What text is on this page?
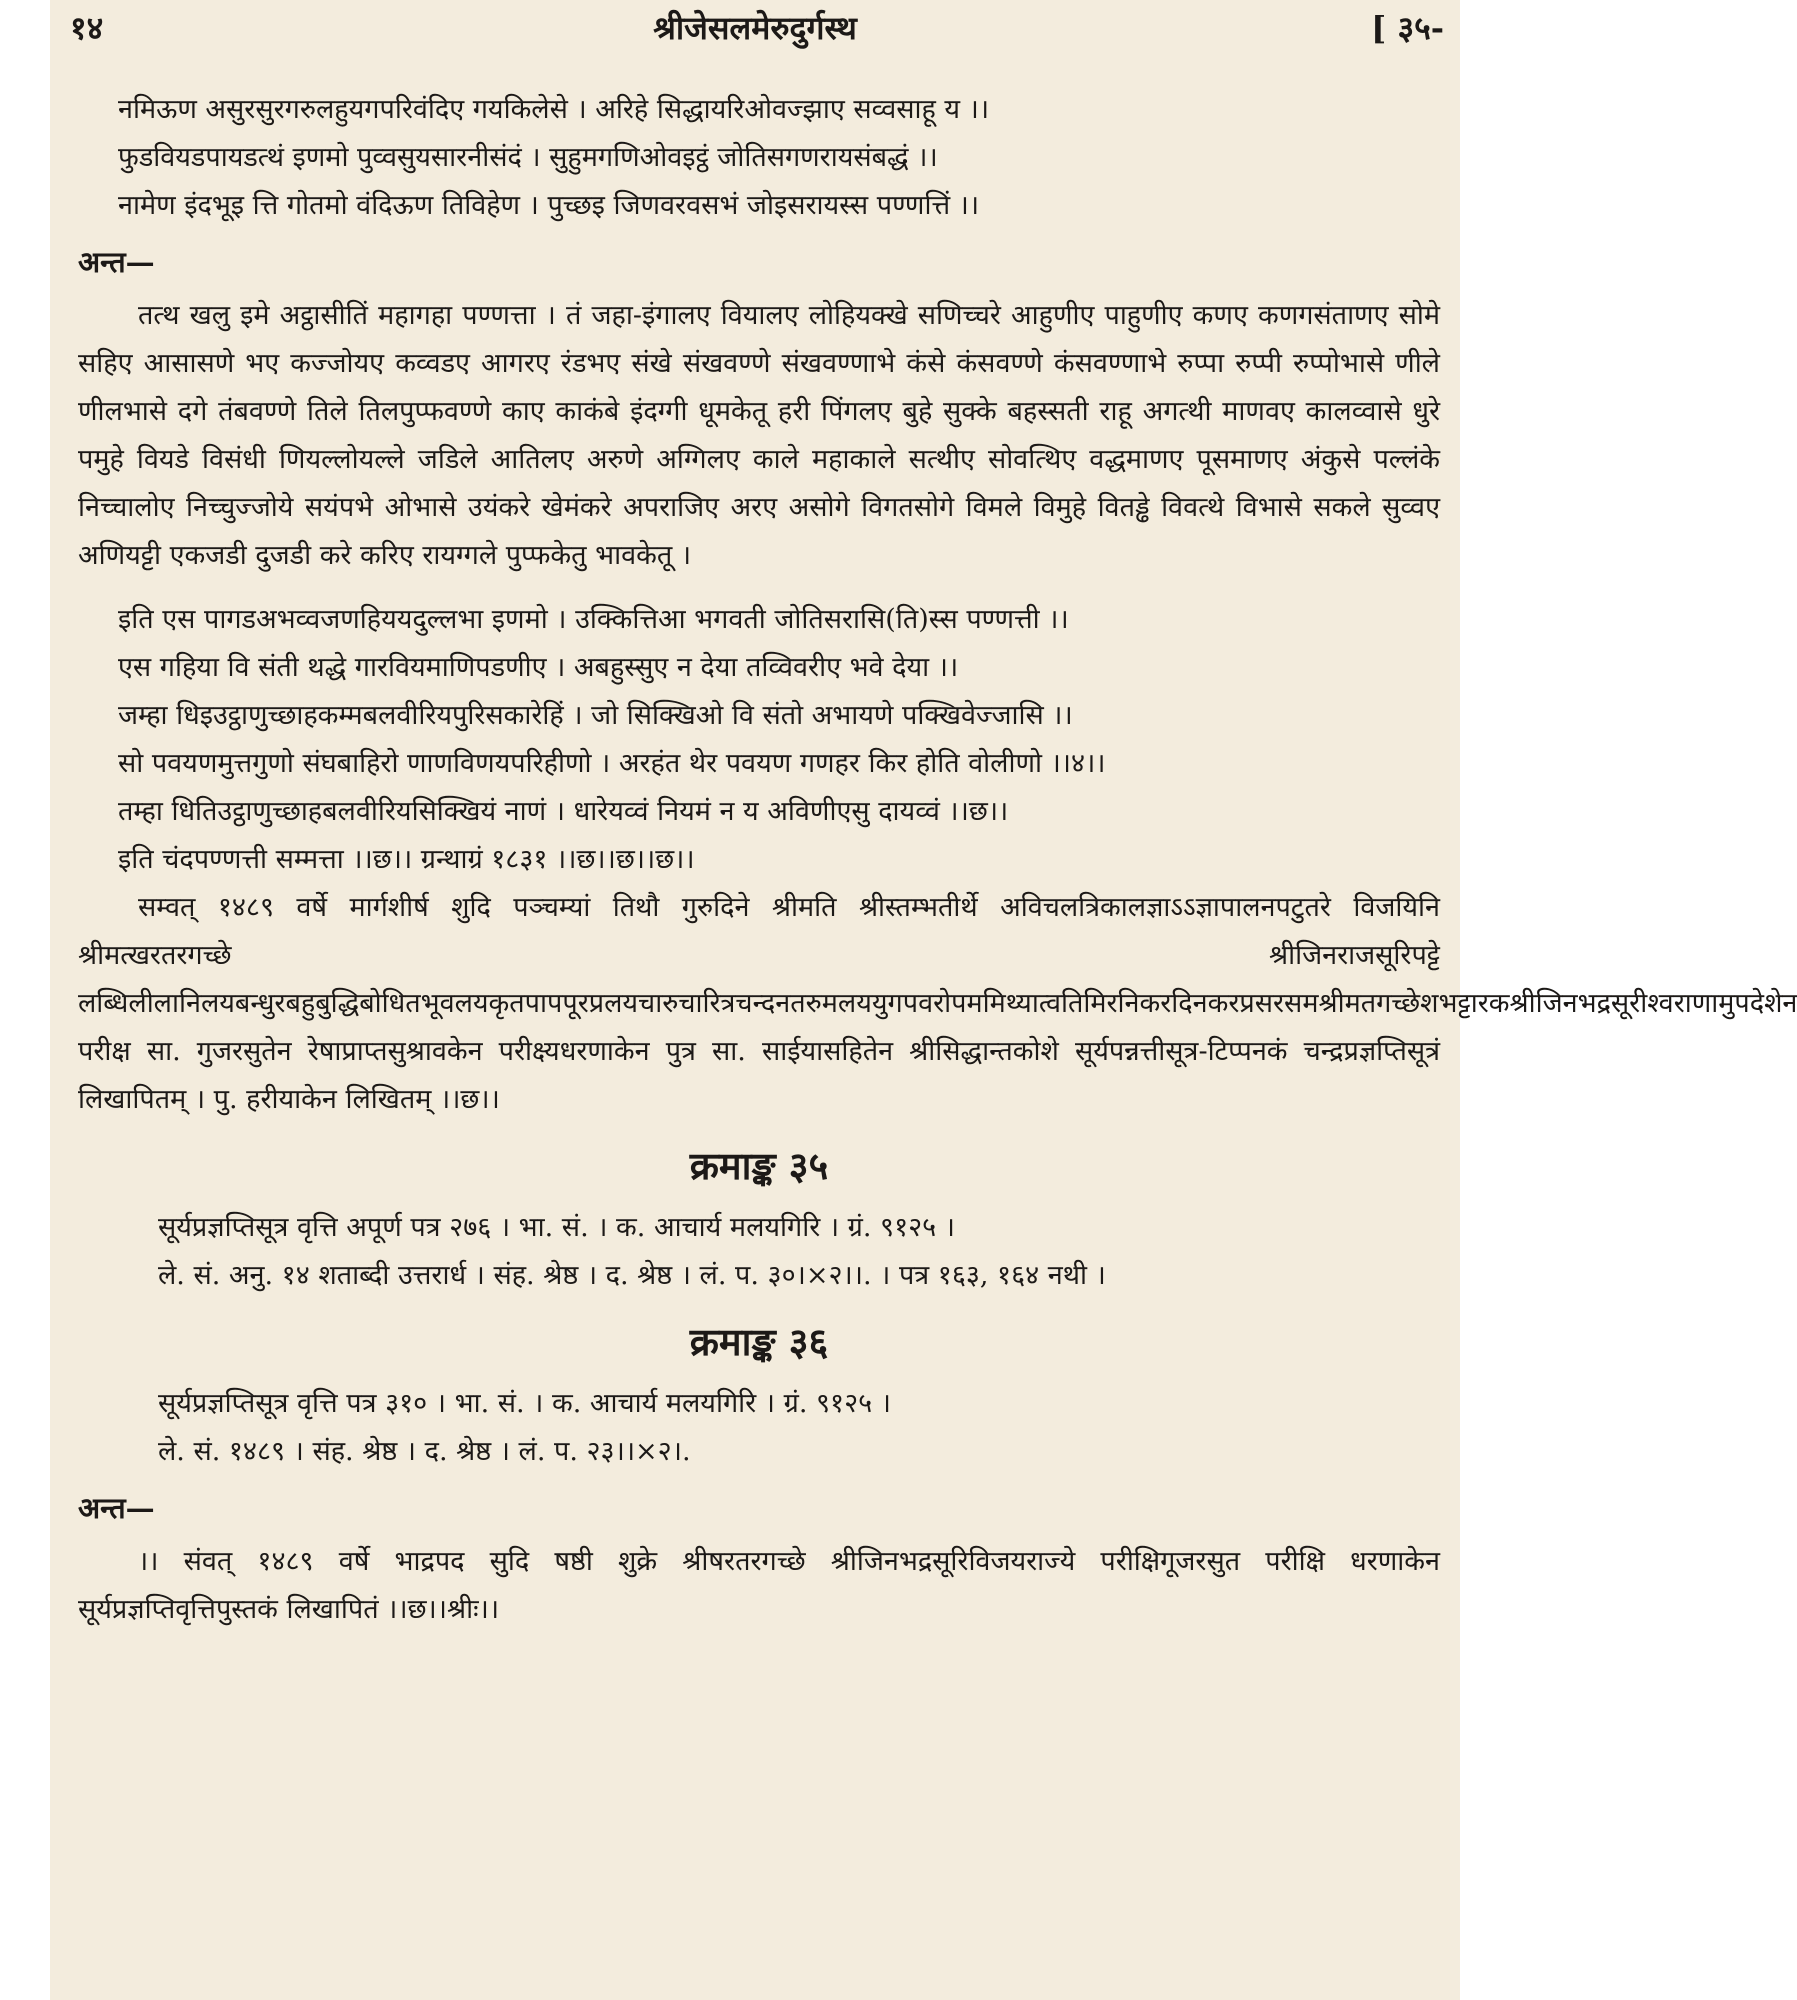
१४	श्रीजेसलमेरुदुर्गस्थ	[ ३५-

नमिऊण असुरसुरगरुलहुयगपरिवंदिए गयकिलेसे । अरिहे सिद्धायरिओवज्झाए सव्वसाहू य ।।

फुडवियडपायडत्थं इणमो पुव्वसुयसारनीसंदं । सुहुमगणिओवइट्ठं जोतिसगणरायसंबद्धं ।।

नामेण इंदभूइ त्ति गोतमो वंदिऊण तिविहेण । पुच्छइ जिणवरवसभं जोइसरायस्स पण्णत्तिं ।।

अन्त—

तत्थ खलु इमे अट्ठासीतिं महागहा पण्णत्ता । तं जहा-इंगालए वियालए लोहियक्खे सणिच्चरे आहुणीए पाहुणीए कणए कणगसंताणए सोमे सहिए आसासणे भए कज्जोयए कव्वडए आगरए रंडभए संखे संखवण्णे संखवण्णाभे कंसे कंसवण्णे कंसवण्णाभे रुप्पा रुप्पी रुप्पोभासे णीले णीलभासे दगे तंबवण्णे तिले तिलपुप्फवण्णे काए काकंबे इंदग्गी धूमकेतू हरी पिंगलए बुहे सुक्के बहस्सती राहू अगत्थी माणवए कालव्वासे धुरे पमुहे वियडे विसंधी णियल्लोयल्ले जडिले आतिलए अरुणे अग्गिलए काले महाकाले सत्थीए सोवत्थिए वद्धमाणए पूसमाणए अंकुसे पल्लंके निच्चालोए निच्चुज्जोये सयंपभे ओभासे उयंकरे खेमंकरे अपराजिए अरए असोगे विगतसोगे विमले विमुहे वितड्ढे विवत्थे विभासे सकले सुव्वए अणियट्टी एकजडी दुजडी करे करिए रायग्गले पुप्फकेतु भावकेतू ।

इति एस पागडअभव्वजणहिययदुल्लभा इणमो । उक्कित्तिआ भगवती जोतिसरासि(ति)स्स पण्णत्ती ।।

एस गहिया वि संती थद्धे गारवियमाणिपडणीए । अबहुस्सुए न देया तव्विवरीए भवे देया ।।

जम्हा धिइउट्ठाणुच्छाहकम्मबलवीरियपुरिसकारेहिं । जो सिक्खिओ वि संतो अभायणे पक्खिवेज्जासि ।।

सो पवयणमुत्तगुणो संघबाहिरो णाणविणयपरिहीणो । अरहंत थेर पवयण गणहर किर होति वोलीणो ।।४।।

तम्हा धितिउट्ठाणुच्छाहबलवीरियसिक्खियं नाणं । धारेयव्वं नियमं न य अविणीएसु दायव्वं ।।छ।।

इति चंदपण्णत्ती सम्मत्ता ।।छ।। ग्रन्थाग्रं १८३१ ।।छ।।छ।।छ।।

सम्वत् १४८९ वर्षे मार्गशीर्ष शुदि पञ्चम्यां तिथौ गुरुदिने श्रीमति श्रीस्तम्भतीर्थे अविचलत्रिकालज्ञाऽऽज्ञापालनपटुतरे विजयिनि श्रीमत्खरतरगच्छे श्रीजिनराजसूरिपट्टे लब्धिलीलानिलयबन्धुरबहुबुद्धिबोधितभूवलयकृतपापपूरप्रलयचारुचारित्रचन्दनतरुमलययुगपवरोपममिथ्यात्वतिमिरनिकरदिनकरप्रसरसमश्रीमतगच्छेशभट्टारकश्रीजिनभद्रसूरीश्वराणामुपदेशेन परीक्ष सा. गुजरसुतेन रेषाप्राप्तसुश्रावकेन परीक्ष्यधरणाकेन पुत्र सा. साईयासहितेन श्रीसिद्धान्तकोशे सूर्यपन्नत्तीसूत्र-टिप्पनकं चन्द्रप्रज्ञप्तिसूत्रं लिखापितम् । पु. हरीयाकेन लिखितम् ।।छ।।

क्रमाङ्क ३५

सूर्यप्रज्ञप्तिसूत्र वृत्ति अपूर्ण पत्र २७६ । भा. सं. । क. आचार्य मलयगिरि । ग्रं. ९१२५ ।

ले. सं. अनु. १४ शताब्दी उत्तरार्ध । संह. श्रेष्ठ । द. श्रेष्ठ । लं. प. ३०।×२।।. । पत्र १६३, १६४ नथी ।

क्रमाङ्क ३६

सूर्यप्रज्ञप्तिसूत्र वृत्ति पत्र ३१० । भा. सं. । क. आचार्य मलयगिरि । ग्रं. ९१२५ ।

ले. सं. १४८९ । संह. श्रेष्ठ । द. श्रेष्ठ । लं. प. २३।।×२।.

अन्त—

।। संवत् १४८९ वर्षे भाद्रपद सुदि षष्ठी शुक्रे श्रीषरतरगच्छे श्रीजिनभद्रसूरिविजयराज्ये परीक्षिगूजरसुत परीक्षि धरणाकेन सूर्यप्रज्ञप्तिवृत्तिपुस्तकं लिखापितं ।।छ।।श्रीः।।
